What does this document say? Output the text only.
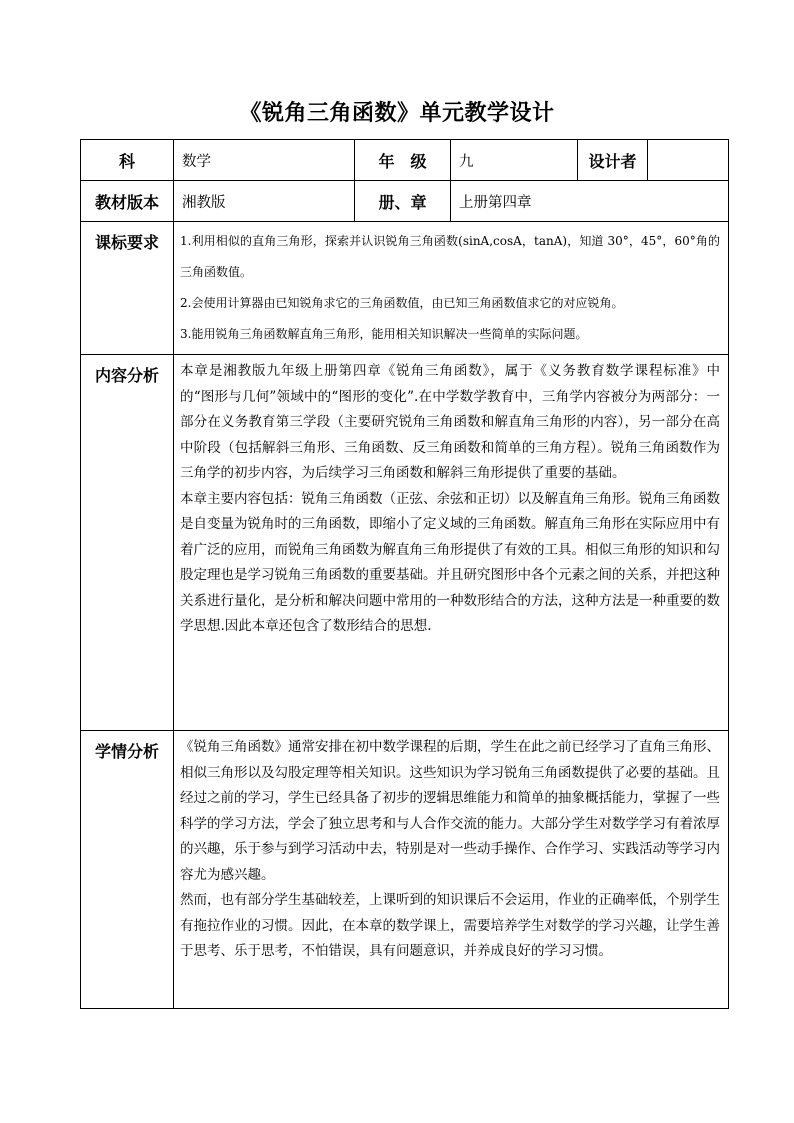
《锐角三角函数》单元教学设计
科	数学	年　级	九	设计者	
教材版本	湘教版	册、章	上册第四章		
课标要求	1.利用相似的直角三角形，探索并认识锐角三角函数(sinA,cosA，tanA)，知道 30°，45°，60°角的三角函数值。

2.会使用计算器由已知锐角求它的三角函数值，由已知三角函数值求它的对应锐角。

3.能用锐角三角函数解直角三角形，能用相关知识解决一些简单的实际问题。				

内容分析	本章是湘教版九年级上册第四章《锐角三角函数》，属于《义务教育数学课程标准》中的“图形与几何”领域中的“图形的变化”.在中学数学教育中，三角学内容被分为两部分：一部分在义务教育第三学段（主要研究锐角三角函数和解直角三角形的内容），另一部分在高中阶段（包括解斜三角形、三角函数、反三角函数和简单的三角方程）。锐角三角函数作为三角学的初步内容，为后续学习三角函数和解斜三角形提供了重要的基础。

本章主要内容包括：锐角三角函数（正弦、余弦和正切）以及解直角三角形。锐角三角函数是自变量为锐角时的三角函数，即缩小了定义域的三角函数。解直角三角形在实际应用中有着广泛的应用，而锐角三角函数为解直角三角形提供了有效的工具。相似三角形的知识和勾股定理也是学习锐角三角函数的重要基础。并且研究图形中各个元素之间的关系，并把这种关系进行量化，是分析和解决问题中常用的一种数形结合的方法，这种方法是一种重要的数学思想.因此本章还包含了数形结合的思想.				

学情分析	《锐角三角函数》通常安排在初中数学课程的后期，学生在此之前已经学习了直角三角形、相似三角形以及勾股定理等相关知识。这些知识为学习锐角三角函数提供了必要的基础。且经过之前的学习，学生已经具备了初步的逻辑思维能力和简单的抽象概括能力，掌握了一些科学的学习方法，学会了独立思考和与人合作交流的能力。大部分学生对数学学习有着浓厚的兴趣，乐于参与到学习活动中去，特别是对一些动手操作、合作学习、实践活动等学习内容尤为感兴趣。

然而，也有部分学生基础较差，上课听到的知识课后不会运用，作业的正确率低，个别学生有拖拉作业的习惯。因此，在本章的数学课上，需要培养学生对数学的学习兴趣，让学生善于思考、乐于思考，不怕错误，具有问题意识，并养成良好的学习习惯。				
